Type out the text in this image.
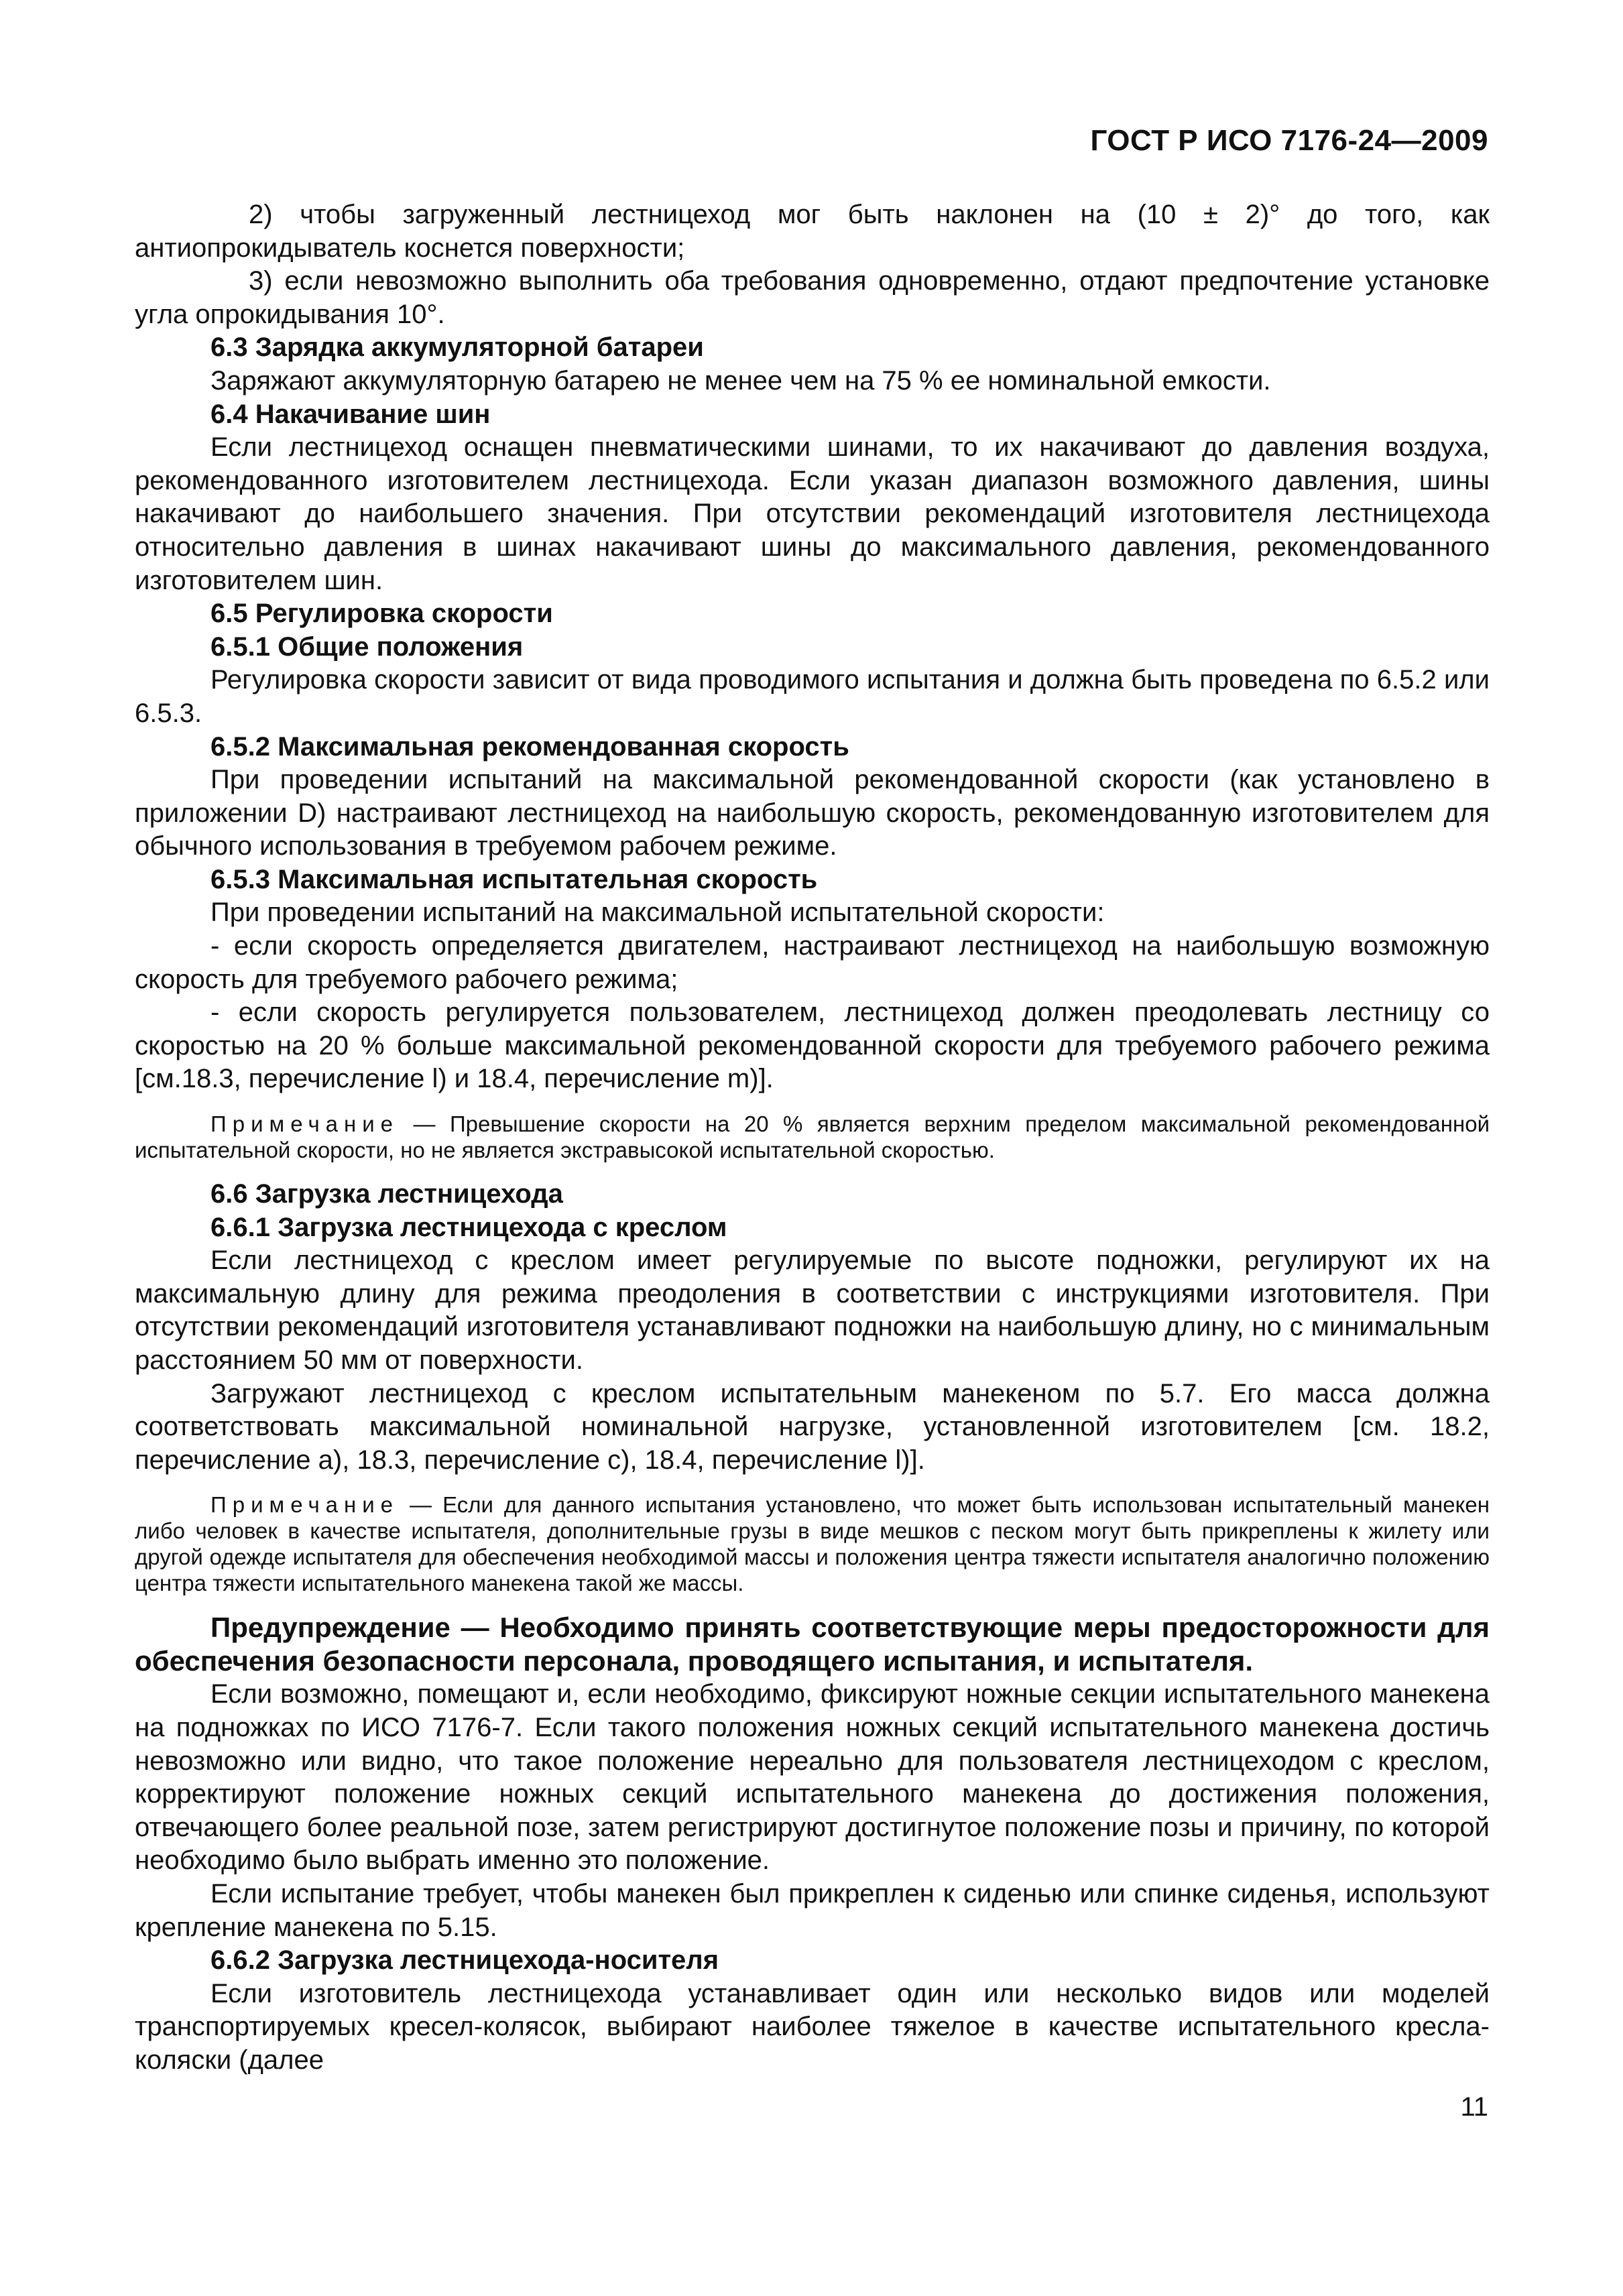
ГОСТ Р ИСО 7176-24—2009

2) чтобы загруженный лестницеход мог быть наклонен на (10 ± 2)° до того, как антиопрокидыватель коснется поверхности;

3) если невозможно выполнить оба требования одновременно, отдают предпочтение установке угла опрокидывания 10°.

6.3 Зарядка аккумуляторной батареи

Заряжают аккумуляторную батарею не менее чем на 75 % ее номинальной емкости.

6.4 Накачивание шин

Если лестницеход оснащен пневматическими шинами, то их накачивают до давления воздуха, рекомендованного изготовителем лестницехода. Если указан диапазон возможного давления, шины накачивают до наибольшего значения. При отсутствии рекомендаций изготовителя лестницехода относительно давления в шинах накачивают шины до максимального давления, рекомендованного изготовителем шин.

6.5 Регулировка скорости
6.5.1 Общие положения

Регулировка скорости зависит от вида проводимого испытания и должна быть проведена по 6.5.2 или 6.5.3.

6.5.2 Максимальная рекомендованная скорость

При проведении испытаний на максимальной рекомендованной скорости (как установлено в приложении D) настраивают лестницеход на наибольшую скорость, рекомендованную изготовителем для обычного использования в требуемом рабочем режиме.

6.5.3 Максимальная испытательная скорость

При проведении испытаний на максимальной испытательной скорости:

- если скорость определяется двигателем, настраивают лестницеход на наибольшую возможную скорость для требуемого рабочего режима;

- если скорость регулируется пользователем, лестницеход должен преодолевать лестницу со скоростью на 20 % больше максимальной рекомендованной скорости для требуемого рабочего режима [см.18.3, перечисление l) и 18.4, перечисление m)].

Примечание — Превышение скорости на 20 % является верхним пределом максимальной рекомендованной испытательной скорости, но не является экстравысокой испытательной скоростью.
6.6 Загрузка лестницехода
6.6.1 Загрузка лестницехода с креслом

Если лестницеход с креслом имеет регулируемые по высоте подножки, регулируют их на максимальную длину для режима преодоления в соответствии с инструкциями изготовителя. При отсутствии рекомендаций изготовителя устанавливают подножки на наибольшую длину, но с минимальным расстоянием 50 мм от поверхности.

Загружают лестницеход с креслом испытательным манекеном по 5.7. Его масса должна соответствовать максимальной номинальной нагрузке, установленной изготовителем [см. 18.2, перечисление а), 18.3, перечисление с), 18.4, перечисление l)].

Примечание — Если для данного испытания установлено, что может быть использован испытательный манекен либо человек в качестве испытателя, дополнительные грузы в виде мешков с песком могут быть прикреплены к жилету или другой одежде испытателя для обеспечения необходимой массы и положения центра тяжести испытателя аналогично положению центра тяжести испытательного манекена такой же массы.

Предупреждение — Необходимо принять соответствующие меры предосторожности для обеспечения безопасности персонала, проводящего испытания, и испытателя.

Если возможно, помещают и, если необходимо, фиксируют ножные секции испытательного манекена на подножках по ИСО 7176-7. Если такого положения ножных секций испытательного манекена достичь невозможно или видно, что такое положение нереально для пользователя лестницеходом с креслом, корректируют положение ножных секций испытательного манекена до достижения положения, отвечающего более реальной позе, затем регистрируют достигнутое положение позы и причину, по которой необходимо было выбрать именно это положение.

Если испытание требует, чтобы манекен был прикреплен к сиденью или спинке сиденья, используют крепление манекена по 5.15.

6.6.2 Загрузка лестницехода-носителя

Если изготовитель лестницехода устанавливает один или несколько видов или моделей транспортируемых кресел-колясок, выбирают наиболее тяжелое в качестве испытательного кресла-коляски (далее

11
